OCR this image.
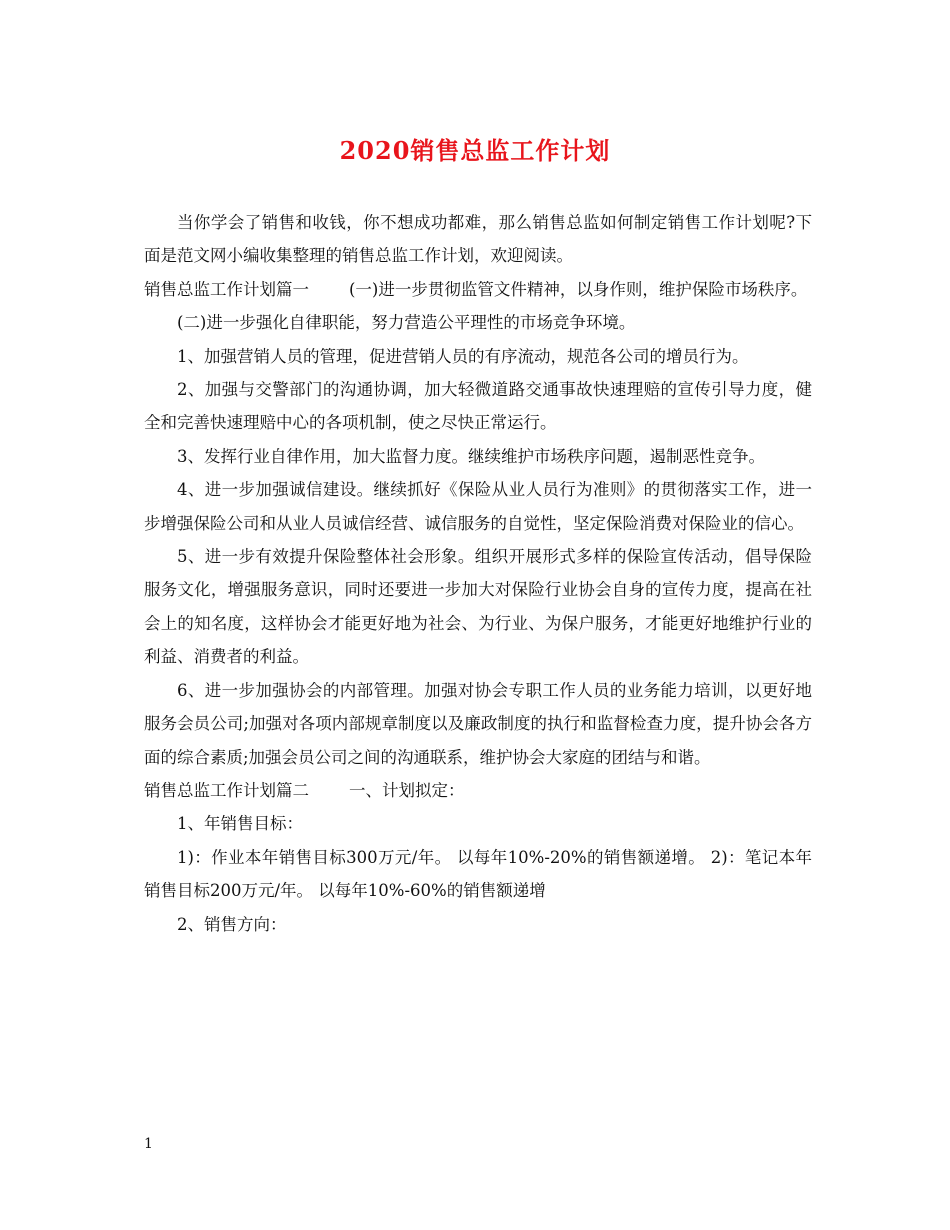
2020销售总监工作计划

当你学会了销售和收钱，你不想成功都难，那么销售总监如何制定销售工作计划呢?下面是范文网小编收集整理的销售总监工作计划，欢迎阅读。

销售总监工作计划篇一 (一)进一步贯彻监管文件精神，以身作则，维护保险市场秩序。

(二)进一步强化自律职能，努力营造公平理性的市场竞争环境。

1、加强营销人员的管理，促进营销人员的有序流动，规范各公司的增员行为。

2、加强与交警部门的沟通协调，加大轻微道路交通事故快速理赔的宣传引导力度，健全和完善快速理赔中心的各项机制，使之尽快正常运行。

3、发挥行业自律作用，加大监督力度。继续维护市场秩序问题，遏制恶性竞争。

4、进一步加强诚信建设。继续抓好《保险从业人员行为准则》的贯彻落实工作，进一步增强保险公司和从业人员诚信经营、诚信服务的自觉性，坚定保险消费对保险业的信心。

5、进一步有效提升保险整体社会形象。组织开展形式多样的保险宣传活动，倡导保险服务文化，增强服务意识，同时还要进一步加大对保险行业协会自身的宣传力度，提高在社会上的知名度，这样协会才能更好地为社会、为行业、为保户服务，才能更好地维护行业的利益、消费者的利益。

6、进一步加强协会的内部管理。加强对协会专职工作人员的业务能力培训，以更好地服务会员公司;加强对各项内部规章制度以及廉政制度的执行和监督检查力度，提升协会各方面的综合素质;加强会员公司之间的沟通联系，维护协会大家庭的团结与和谐。

销售总监工作计划篇二 一、计划拟定：

1、年销售目标：

1)：作业本年销售目标300万元/年。 以每年10%-20%的销售额递增。 2)：笔记本年销售目标200万元/年。 以每年10%-60%的销售额递增

2、销售方向：

1
